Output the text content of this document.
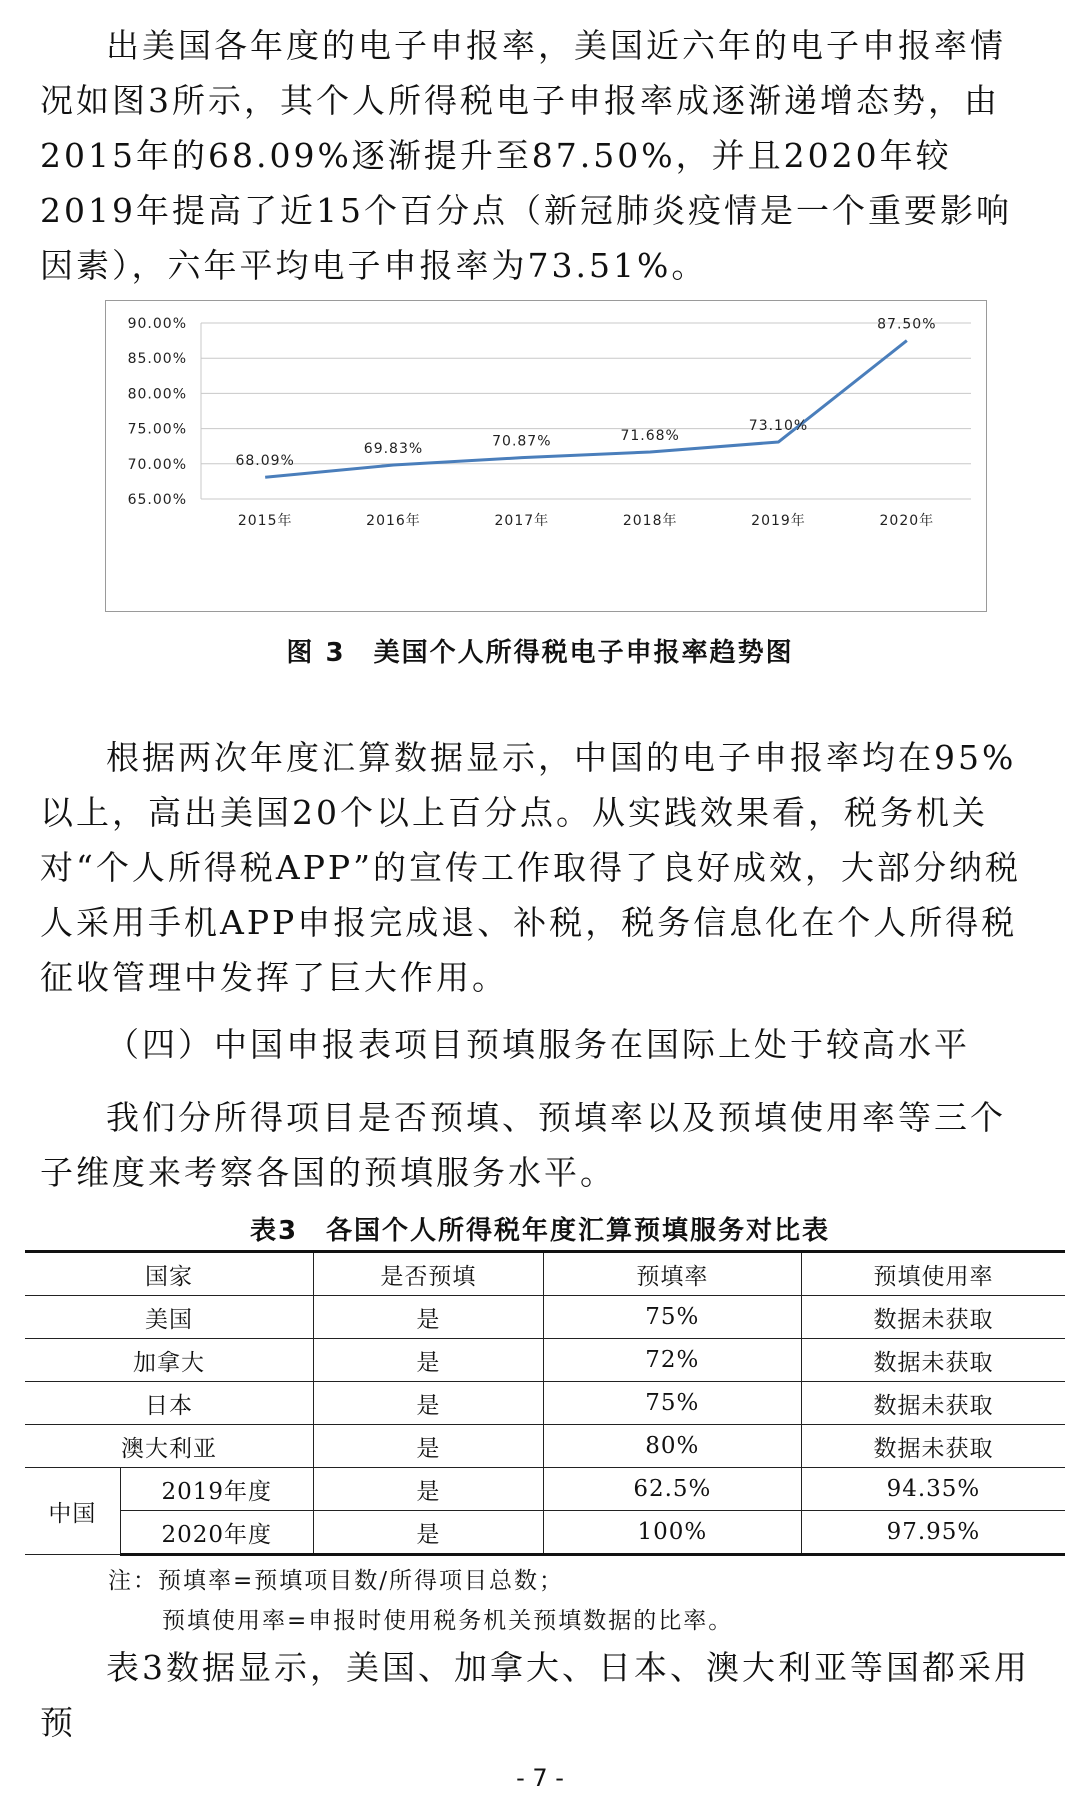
出美国各年度的电子申报率，美国近六年的电子申报率情况如图3所示，其个人所得税电子申报率成逐渐递增态势，由2015年的68.09%逐渐提升至87.50%，并且2020年较2019年提高了近15个百分点（新冠肺炎疫情是一个重要影响因素），六年平均电子申报率为73.51%。

90.00%
85.00%
80.00%
75.00%
70.00%
65.00%
2015年	2016年	2017年	2018年	2019年	2020年
68.09%
69.83%	70.87%	71.68%
73.10%
87.50%

图 3　美国个人所得税电子申报率趋势图

根据两次年度汇算数据显示，中国的电子申报率均在95%以上，高出美国20个以上百分点。从实践效果看，税务机关对“个人所得税APP”的宣传工作取得了良好成效，大部分纳税人采用手机APP申报完成退、补税，税务信息化在个人所得税征收管理中发挥了巨大作用。

（四）中国申报表项目预填服务在国际上处于较高水平

我们分所得项目是否预填、预填率以及预填使用率等三个子维度来考察各国的预填服务水平。

表3　各国个人所得税年度汇算预填服务对比表

国家		是否预填	预填率	预填使用率
美国		是	75%	数据未获取
加拿大		是	72%	数据未获取
日本		是	75%	数据未获取
澳大利亚		是	80%	数据未获取
中国	2019年度	是	62.5%	94.35%
	2020年度	是	100%	97.95%

注：预填率=预填项目数/所得项目总数；

预填使用率=申报时使用税务机关预填数据的比率。

表3数据显示，美国、加拿大、日本、澳大利亚等国都采用预

- 7 -
